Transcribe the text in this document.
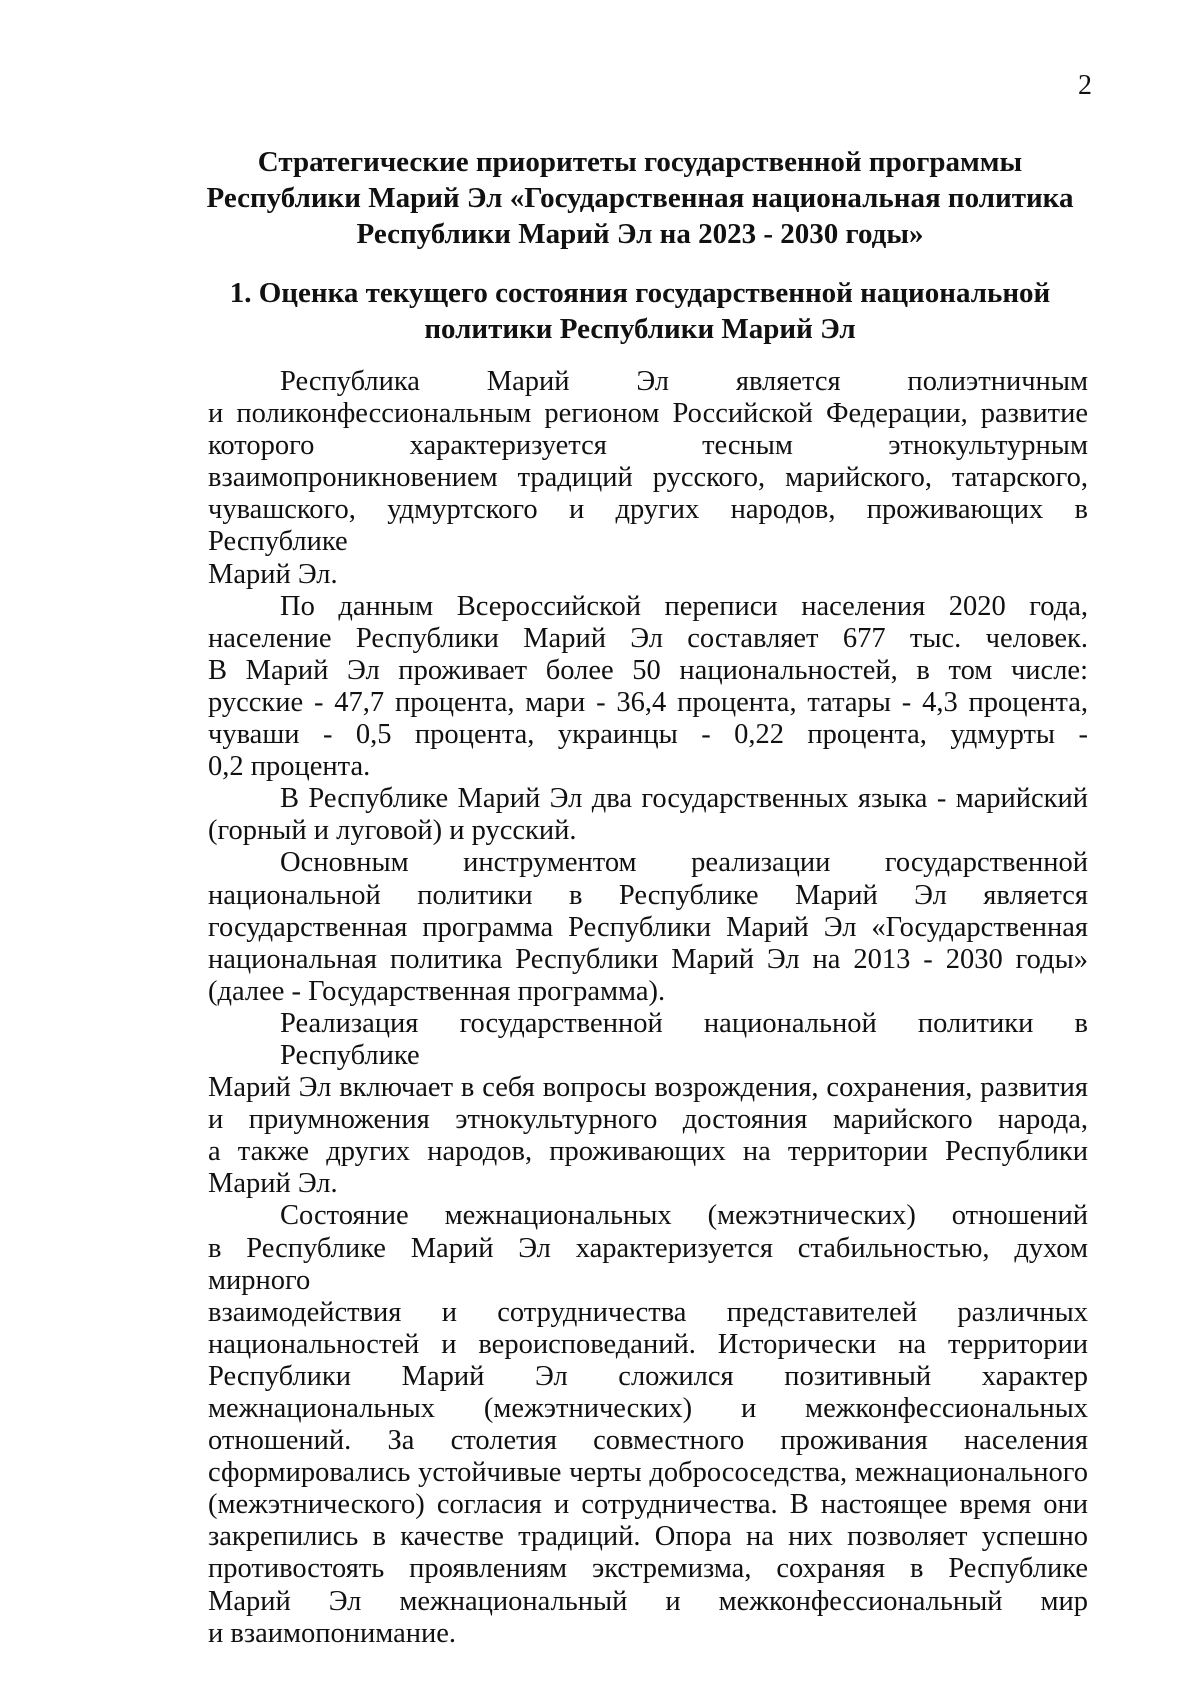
2
Стратегические приоритеты государственной программы
Республики Марий Эл «Государственная национальная политика
Республики Марий Эл на 2023 - 2030 годы»
1. Оценка текущего состояния государственной национальной
политики Республики Марий Эл

Республика Марий Эл является полиэтничным
и поликонфессиональным регионом Российской Федерации, развитие
которого характеризуется тесным этнокультурным
взаимопроникновением традиций русского, марийского, татарского,
чувашского, удмуртского и других народов, проживающих в Республике
Марий Эл.

По данным Всероссийской переписи населения 2020 года,
население Республики Марий Эл составляет 677 тыс. человек.
В Марий Эл проживает более 50 национальностей, в том числе:
русские - 47,7 процента, мари - 36,4 процента, татары - 4,3 процента,
чуваши - 0,5 процента, украинцы - 0,22 процента, удмурты -
0,2 процента.

В Республике Марий Эл два государственных языка - марийский
(горный и луговой) и русский.

Основным инструментом реализации государственной
национальной политики в Республике Марий Эл является
государственная программа Республики Марий Эл «Государственная
национальная политика Республики Марий Эл на 2013 - 2030 годы»
(далее - Государственная программа).

Реализация государственной национальной политики в Республике
Марий Эл включает в себя вопросы возрождения, сохранения, развития
и приумножения этнокультурного достояния марийского народа,
а также других народов, проживающих на территории Республики
Марий Эл.

Состояние межнациональных (межэтнических) отношений
в Республике Марий Эл характеризуется стабильностью, духом мирного
взаимодействия и сотрудничества представителей различных
национальностей и вероисповеданий. Исторически на территории
Республики Марий Эл сложился позитивный характер
межнациональных (межэтнических) и межконфессиональных
отношений. За столетия совместного проживания населения
сформировались устойчивые черты добрососедства, межнационального
(межэтнического) согласия и сотрудничества. В настоящее время они
закрепились в качестве традиций. Опора на них позволяет успешно
противостоять проявлениям экстремизма, сохраняя в Республике
Марий Эл межнациональный и межконфессиональный мир
и взаимопонимание.
